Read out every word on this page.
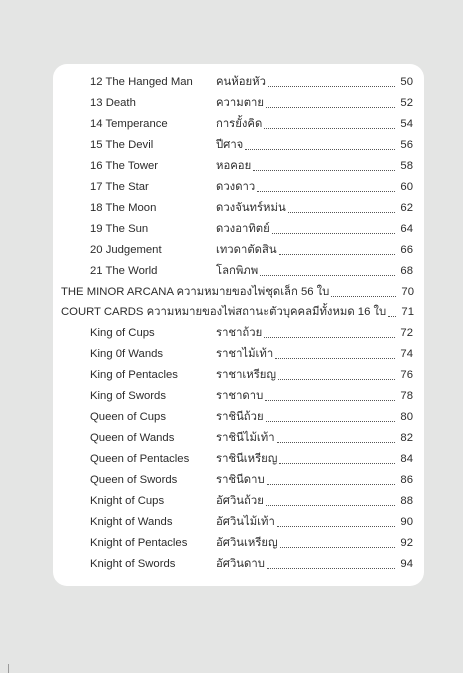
12 The Hanged Man คนห้อยหัว	50
13 Death	ความตาย	52
14 Temperance	การยั้งคิด	54
15 The Devil	ปีศาจ	56
16 The Tower	หอคอย	58
17 The Star	ดวงดาว	60
18 The Moon	ดวงจันทร์หม่น	62
19 The Sun	ดวงอาทิตย์	64
20 Judgement	เทวดาตัดสิน	66
21 The World	โลกพิภพ	68
THE MINOR ARCANA ความหมายของไพ่ชุดเล็ก 56 ใบ	70
COURT CARDS ความหมายของไพ่สถานะตัวบุคคลมีทั้งหมด 16 ใบ 71
King of Cups	ราชาถ้วย	72
King 0f Wands	ราชาไม้เท้า	74
King of Pentacles	ราชาเหรียญ	76
King of Swords	ราชาดาบ	78
Queen of Cups	ราชินีถ้วย	80
Queen of Wands	ราชินีไม้เท้า	82
Queen of Pentacles ราชินีเหรียญ	84
Queen of Swords	ราชินีดาบ	86
Knight of Cups	อัศวินถ้วย	88
Knight of Wands	อัศวินไม้เท้า	90
Knight of Pentacles	อัศวินเหรียญ	92
Knight of Swords	อัศวินดาบ	94
